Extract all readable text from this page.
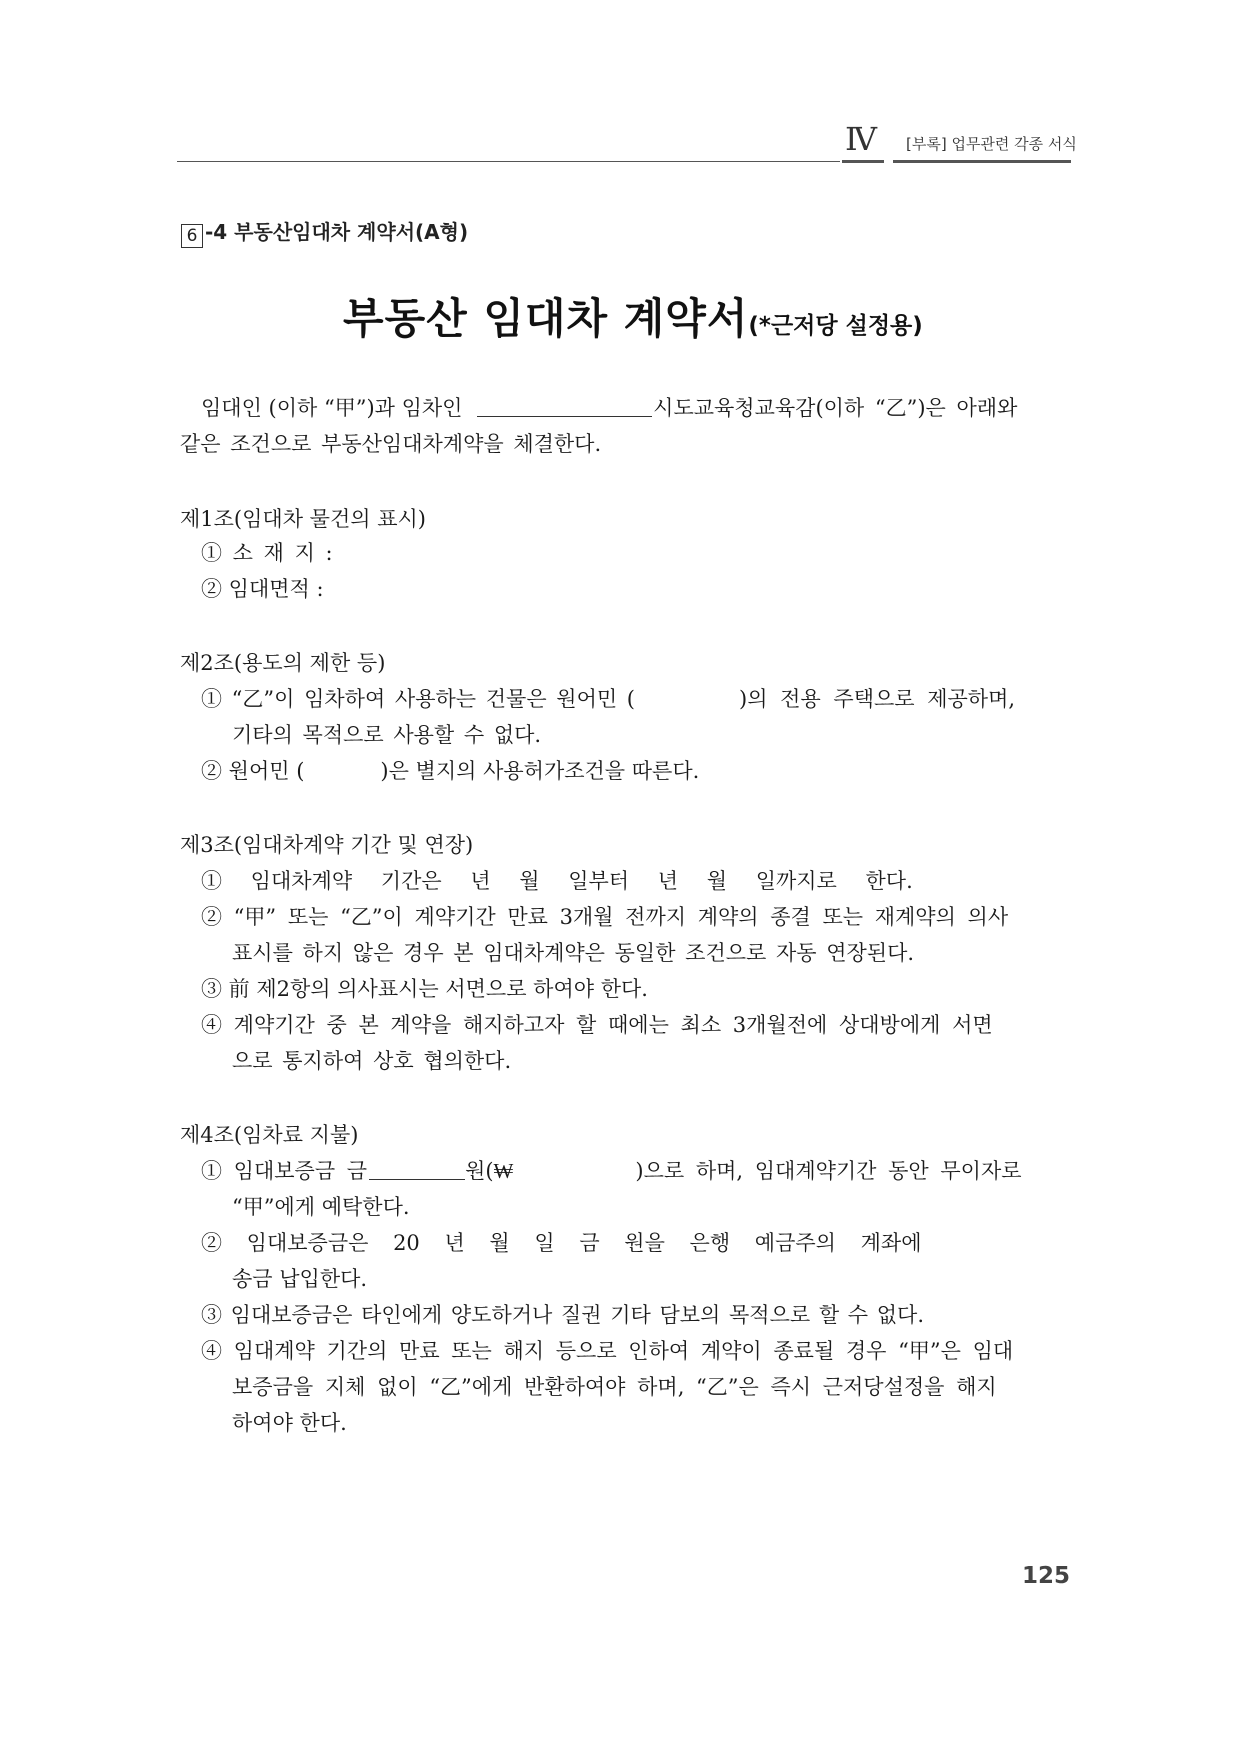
Ⅳ [부록] 업무관련 각종 서식
6 -4 부동산임대차 계약서(A형)
부동산 임대차 계약서(*근저당 설정용)
임대인 (이하 “甲”)과 임차인	시도교육청교육감(이하 “乙”)은 아래와
같은 조건으로 부동산임대차계약을 체결한다.
제1조(임대차 물건의 표시)
① 소 재 지 :
② 임대면적 :
제2조(용도의 제한 등)
① “乙”이 임차하여 사용하는 건물은 원어민 (	)의 전용 주택으로 제공하며,
기타의 목적으로 사용할 수 없다.
② 원어민 (	)은 별지의 사용허가조건을 따른다.
제3조(임대차계약 기간 및 연장)
① 임대차계약 기간은 년 월 일부터 년 월 일까지로 한다.
② “甲” 또는 “乙”이 계약기간 만료 3개월 전까지 계약의 종결 또는 재계약의 의사
표시를 하지 않은 경우 본 임대차계약은 동일한 조건으로 자동 연장된다.
③ 前 제2항의 의사표시는 서면으로 하여야 한다.
④ 계약기간 중 본 계약을 해지하고자 할 때에는 최소 3개월전에 상대방에게 서면
으로 통지하여 상호 협의한다.
제4조(임차료 지불)
① 임대보증금 금	원(₩	)으로 하며, 임대계약기간 동안 무이자로
“甲”에게 예탁한다.
② 임대보증금은 20 년 월 일 금 원을 은행 예금주의 계좌에
송금 납입한다.
③ 임대보증금은 타인에게 양도하거나 질권 기타 담보의 목적으로 할 수 없다.
④ 임대계약 기간의 만료 또는 해지 등으로 인하여 계약이 종료될 경우 “甲”은 임대
보증금을 지체 없이 “乙”에게 반환하여야 하며, “乙”은 즉시 근저당설정을 해지
하여야 한다.
125
